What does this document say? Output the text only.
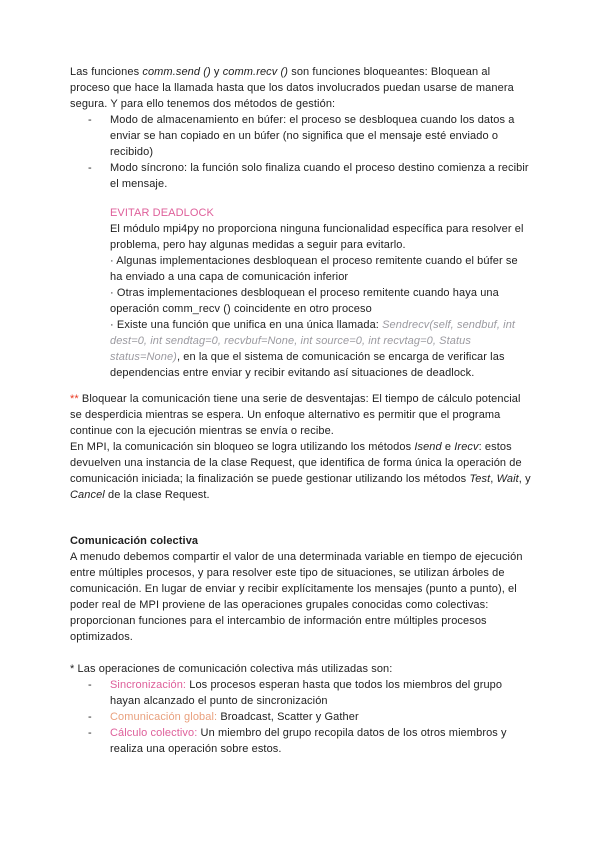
Las funciones comm.send () y comm.recv () son funciones bloqueantes: Bloquean al proceso que hace la llamada hasta que los datos involucrados puedan usarse de manera segura. Y para ello tenemos dos métodos de gestión:

- Modo de almacenamiento en búfer: el proceso se desbloquea cuando los datos a enviar se han copiado en un búfer (no significa que el mensaje esté enviado o recibido)
- Modo síncrono: la función solo finaliza cuando el proceso destino comienza a recibir el mensaje.

EVITAR DEADLOCK

El módulo mpi4py no proporciona ninguna funcionalidad específica para resolver el problema, pero hay algunas medidas a seguir para evitarlo.

· Algunas implementaciones desbloquean el proceso remitente cuando el búfer se ha enviado a una capa de comunicación inferior

· Otras implementaciones desbloquean el proceso remitente cuando haya una operación comm_recv () coincidente en otro proceso

· Existe una función que unifica en una única llamada: Sendrecv(self, sendbuf, int dest=0, int sendtag=0, recvbuf=None, int source=0, int recvtag=0, Status status=None), en la que el sistema de comunicación se encarga de verificar las dependencias entre enviar y recibir evitando así situaciones de deadlock.

** Bloquear la comunicación tiene una serie de desventajas: El tiempo de cálculo potencial se desperdicia mientras se espera. Un enfoque alternativo es permitir que el programa continue con la ejecución mientras se envía o recibe.

En MPI, la comunicación sin bloqueo se logra utilizando los métodos Isend e Irecv: estos devuelven una instancia de la clase Request, que identifica de forma única la operación de comunicación iniciada; la finalización se puede gestionar utilizando los métodos Test, Wait, y Cancel de la clase Request.

Comunicación colectiva

A menudo debemos compartir el valor de una determinada variable en tiempo de ejecución entre múltiples procesos, y para resolver este tipo de situaciones, se utilizan árboles de comunicación. En lugar de enviar y recibir explícitamente los mensajes (punto a punto), el poder real de MPI proviene de las operaciones grupales conocidas como colectivas: proporcionan funciones para el intercambio de información entre múltiples procesos optimizados.

* Las operaciones de comunicación colectiva más utilizadas son:

- Sincronización: Los procesos esperan hasta que todos los miembros del grupo hayan alcanzado el punto de sincronización
- Comunicación global: Broadcast, Scatter y Gather
- Cálculo colectivo: Un miembro del grupo recopila datos de los otros miembros y realiza una operación sobre estos.
